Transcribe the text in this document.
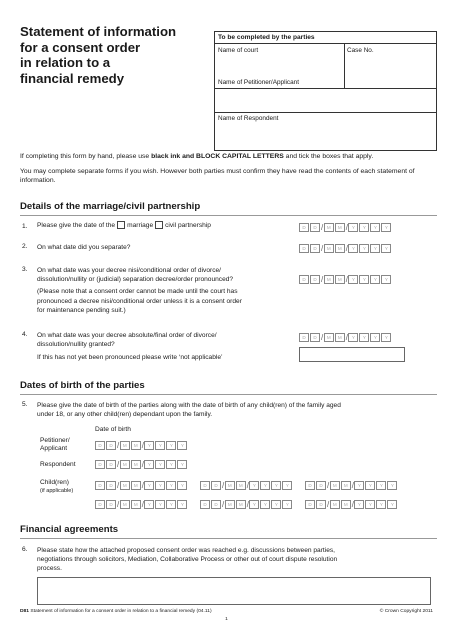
Statement of information
for a consent order
in relation to a
financial remedy
To be completed by the parties
Name of court	Case No.
Name of Petitioner/Applicant
Name of Respondent
If completing this form by hand, please use black ink and BLOCK CAPITAL LETTERS and tick the boxes that apply.
You may complete separate forms if you wish. However both parties must confirm they have read the contents of each statement of information.
Details of the marriage/civil partnership
1. Please give the date of the marriage civil partnership	D	D / M	M / Y	Y	Y	Y
2. On what date did you separate?	D	D / M	M / Y	Y	Y	Y
3. On what date was your decree nisi/conditional order of divorce/
dissolution/nullity or (judicial) separation decree/order pronounced?
(Please note that a consent order cannot be made until the court has
pronounced a decree nisi/conditional order unless it is a consent order
for maintenance pending suit.)
D	D / M	M / Y	Y	Y	Y
4. On what date was your decree absolute/final order of divorce/
dissolution/nullity granted?
If this has not yet been pronounced please write ‘not applicable’
D	D / M	M / Y	Y	Y	Y
Dates of birth of the parties
5. Please give the date of birth of the parties along with the date of birth of any child(ren) of the family aged
under 18, or any other child(ren) dependant upon the family.
Date of birth
Petitioner/
Applicant	D	D / M	M / Y	Y	Y	Y
Respondent	D	D / M	M / Y	Y	Y	Y
Child(ren)
(if applicable)
D	D / M	M / Y	Y	Y	Y	D	D / M	M / Y	Y	Y	Y	D	D / M	M / Y	Y	Y	Y
D	D / M	M / Y	Y	Y	Y	D	D / M	M / Y	Y	Y	Y	D	D / M	M / Y	Y	Y	Y
Financial agreements
6. Please state how the attached proposed consent order was reached e.g. discussions between parties,
negotiations through solicitors, Mediation, Collaborative Process or other out of court dispute resolution
process.
D81 Statement of information for a consent order in relation to a financial remedy (04.11)	© Crown Copyright 2011
1
